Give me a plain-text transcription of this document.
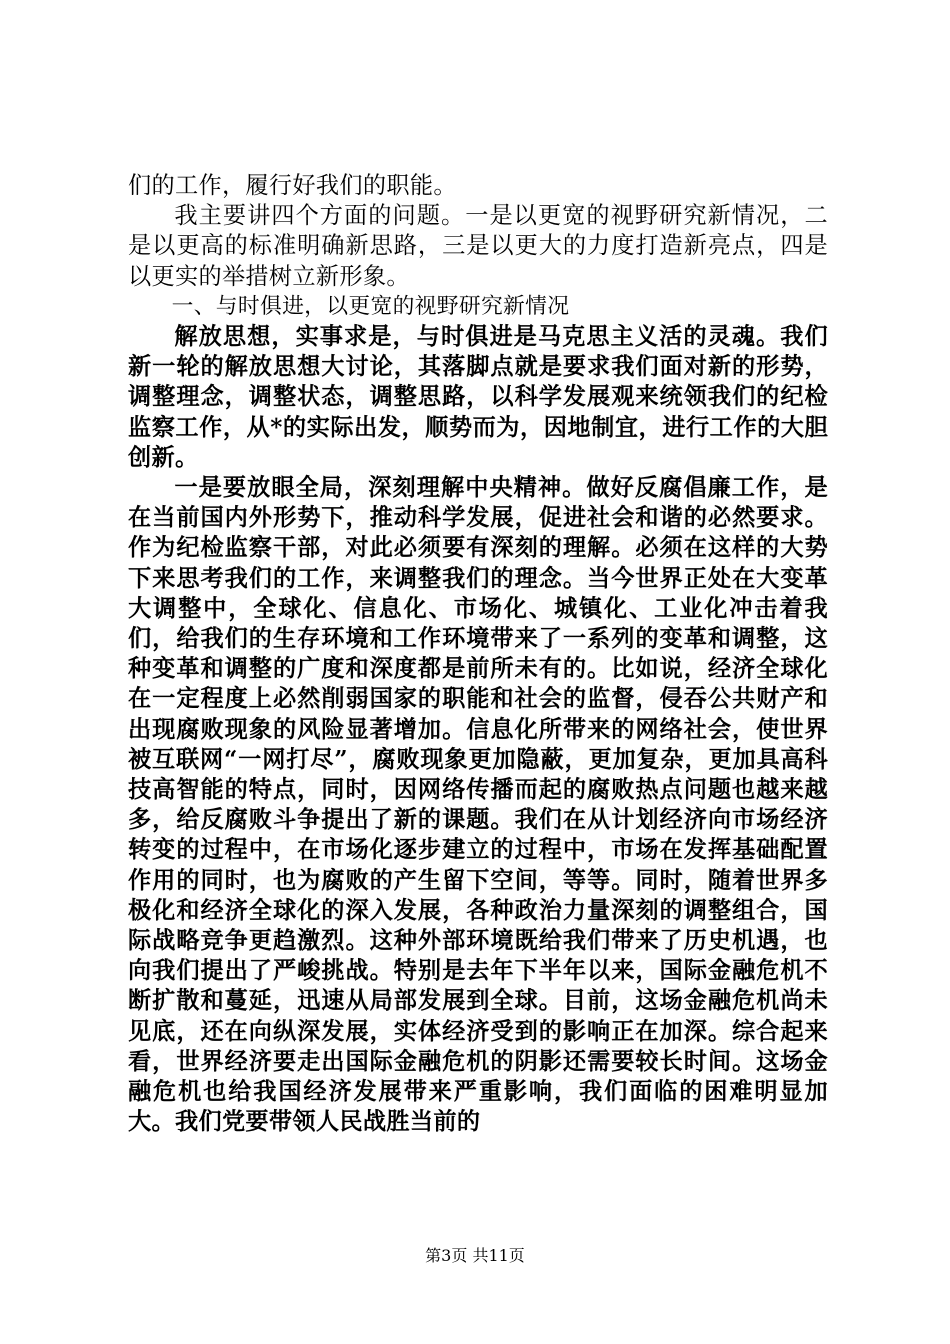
们的工作，履行好我们的职能。

我主要讲四个方面的问题。一是以更宽的视野研究新情况，二是以更高的标准明确新思路，三是以更大的力度打造新亮点，四是以更实的举措树立新形象。

一、与时俱进，以更宽的视野研究新情况

解放思想，实事求是，与时俱进是马克思主义活的灵魂。我们新一轮的解放思想大讨论，其落脚点就是要求我们面对新的形势，调整理念，调整状态，调整思路，以科学发展观来统领我们的纪检监察工作，从*的实际出发，顺势而为，因地制宜，进行工作的大胆创新。

一是要放眼全局，深刻理解中央精神。做好反腐倡廉工作，是在当前国内外形势下，推动科学发展，促进社会和谐的必然要求。作为纪检监察干部，对此必须要有深刻的理解。必须在这样的大势下来思考我们的工作，来调整我们的理念。当今世界正处在大变革大调整中，全球化、信息化、市场化、城镇化、工业化冲击着我们，给我们的生存环境和工作环境带来了一系列的变革和调整，这种变革和调整的广度和深度都是前所未有的。比如说，经济全球化在一定程度上必然削弱国家的职能和社会的监督，侵吞公共财产和出现腐败现象的风险显著增加。信息化所带来的网络社会，使世界被互联网“一网打尽”，腐败现象更加隐蔽，更加复杂，更加具高科技高智能的特点，同时，因网络传播而起的腐败热点问题也越来越多，给反腐败斗争提出了新的课题。我们在从计划经济向市场经济转变的过程中，在市场化逐步建立的过程中，市场在发挥基础配置作用的同时，也为腐败的产生留下空间，等等。同时，随着世界多极化和经济全球化的深入发展，各种政治力量深刻的调整组合，国际战略竞争更趋激烈。这种外部环境既给我们带来了历史机遇，也向我们提出了严峻挑战。特别是去年下半年以来，国际金融危机不断扩散和蔓延，迅速从局部发展到全球。目前，这场金融危机尚未见底，还在向纵深发展，实体经济受到的影响正在加深。综合起来看，世界经济要走出国际金融危机的阴影还需要较长时间。这场金融危机也给我国经济发展带来严重影响，我们面临的困难明显加大。我们党要带领人民战胜当前的

第3页 共11页
